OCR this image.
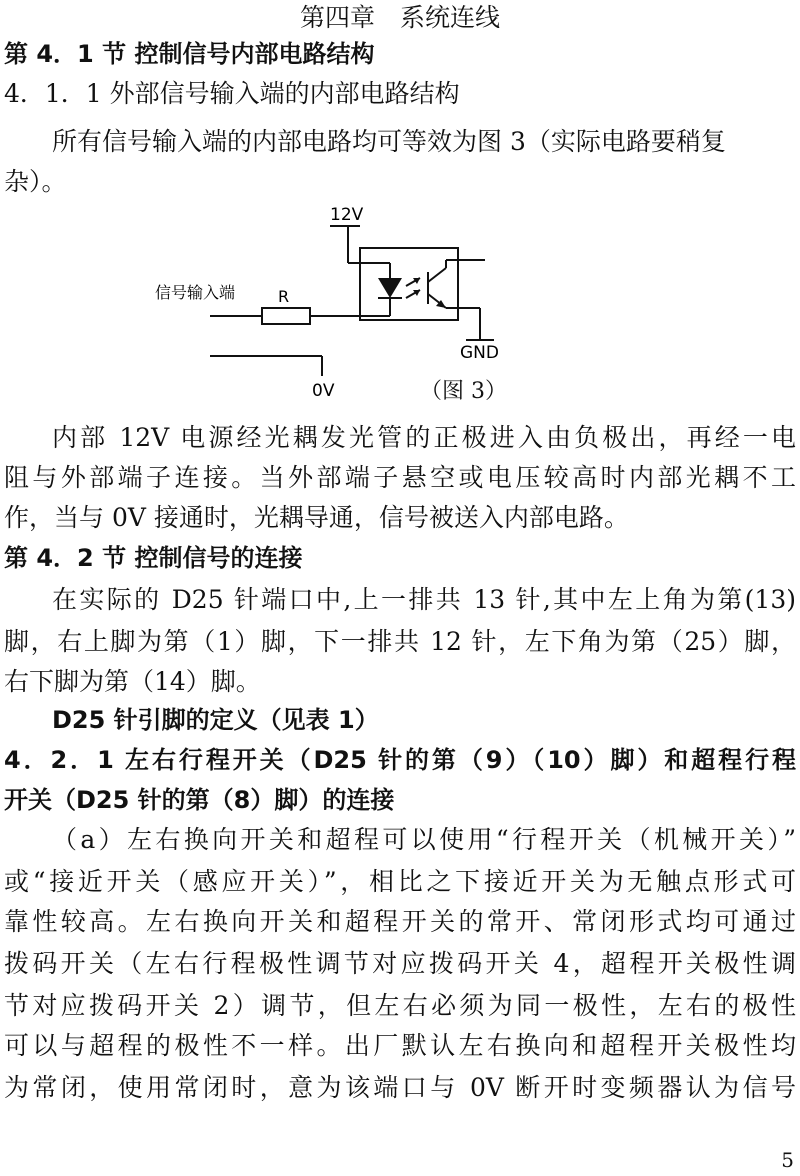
第四章　系统连线
第 4．1 节 控制信号内部电路结构
4．1．1 外部信号输入端的内部电路结构
所有信号输入端的内部电路均可等效为图 3（实际电路要稍复
杂）。
12V
信号输入端	R
GND
0V	（图 3）
内部 12V 电源经光耦发光管的正极进入由负极出，再经一电
阻与外部端子连接。当外部端子悬空或电压较高时内部光耦不工
作，当与 0V 接通时，光耦导通，信号被送入内部电路。
第 4．2 节 控制信号的连接
在实际的 D25 针端口中,上一排共 13 针,其中左上角为第(13)
脚，右上脚为第（1）脚，下一排共 12 针，左下角为第（25）脚，
右下脚为第（14）脚。
D25 针引脚的定义（见表 1）
4．2．1 左右行程开关（D25 针的第（9）（10）脚）和超程行程
开关（D25 针的第（8）脚）的连接
（a）左右换向开关和超程可以使用“行程开关（机械开关）”
或“接近开关（感应开关）”，相比之下接近开关为无触点形式可
靠性较高。左右换向开关和超程开关的常开、常闭形式均可通过
拨码开关（左右行程极性调节对应拨码开关 4，超程开关极性调
节对应拨码开关 2）调节，但左右必须为同一极性，左右的极性
可以与超程的极性不一样。出厂默认左右换向和超程开关极性均
为常闭，使用常闭时，意为该端口与 0V 断开时变频器认为信号
5
